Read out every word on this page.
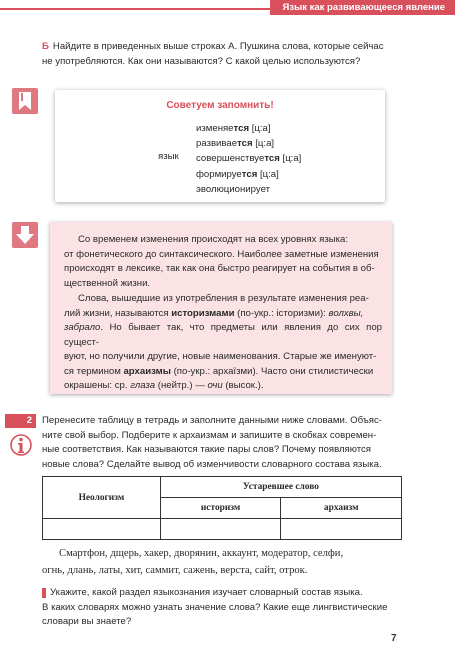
Язык как развивающееся явление
Б Найдите в приведенных выше строках А. Пушкина слова, которые сейчас
не употребляются. Как они называются? С какой целью используются?
Советуем запомнить!
язык
изменяется [ц:а]
развивается [ц:а]
совершенствуется [ц:а]
формируется [ц:а]
эволюционирует
Со временем изменения происходят на всех уровнях языка:
от фонетического до синтаксического. Наиболее заметные изменения
происходят в лексике, так как она быстро реагирует на события в об-
щественной жизни.
Слова, вышедшие из употребления в результате изменения реа-
лий жизни, называются историзмами (по-укр.: історизми): волхвы,
забрало. Но бывает так, что предметы или явления до сих пор сущест-
вуют, но получили другие, новые наименования. Старые же именуют-
ся термином архаизмы (по-укр.: архаїзми). Часто они стилистически
окрашены: ср. глаза (нейтр.) — очи (высок.).
2	Перенесите таблицу в тетрадь и заполните данными ниже словами. Объяс-
ните свой выбор. Подберите к архаизмам и запишите в скобках современ-
ные соответствия. Как называются такие пары слов? Почему появляются
новые слова? Сделайте вывод об изменчивости словарного состава языка.
Неологизм	Устаревшее слово	
	историзм	архаизм

Смартфон, дщерь, хакер, дворянин, аккаунт, модератор, селфи,
огнь, длань, латы, хит, саммит, сажень, верста, сайт, отрок.
Укажите, какой раздел языкознания изучает словарный состав языка.
В каких словарях можно узнать значение слова? Какие еще лингвистические
словари вы знаете?
7
